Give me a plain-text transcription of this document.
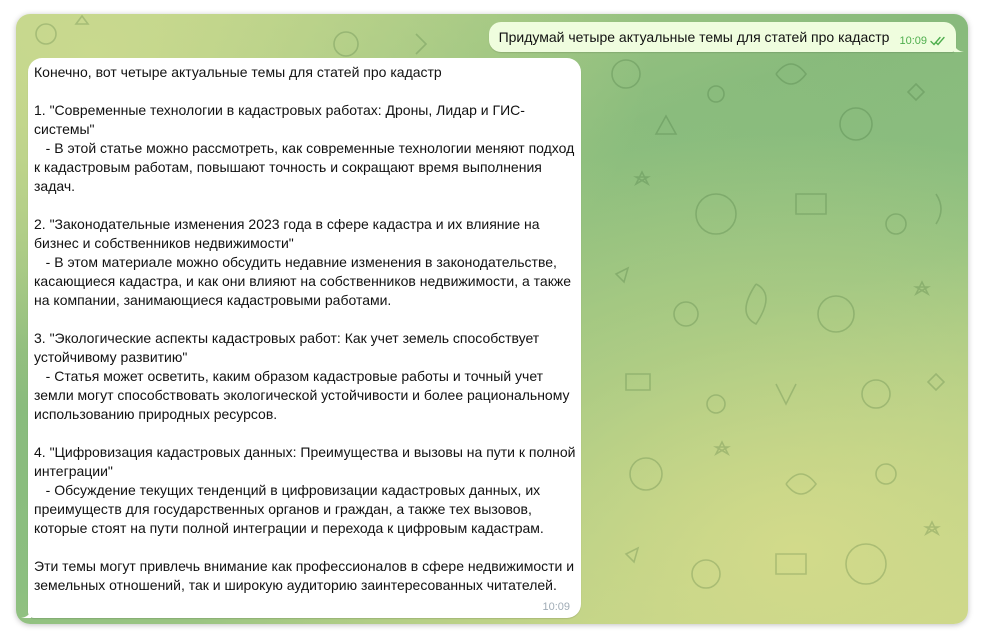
Придумай четыре актуальные темы для статей про кадастр 10:09

Конечно, вот четыре актуальные темы для статей про кадастр

1. "Современные технологии в кадастровых работах: Дроны, Лидар и ГИС-системы"
- В этой статье можно рассмотреть, как современные технологии меняют подход к кадастровым работам, повышают точность и сокращают время выполнения задач.

2. "Законодательные изменения 2023 года в сфере кадастра и их влияние на бизнес и собственников недвижимости"
- В этом материале можно обсудить недавние изменения в законодательстве, касающиеся кадастра, и как они влияют на собственников недвижимости, а также на компании, занимающиеся кадастровыми работами.

3. "Экологические аспекты кадастровых работ: Как учет земель способствует устойчивому развитию"
- Статья может осветить, каким образом кадастровые работы и точный учет земли могут способствовать экологической устойчивости и более рациональному использованию природных ресурсов.

4. "Цифровизация кадастровых данных: Преимущества и вызовы на пути к полной интеграции"
- Обсуждение текущих тенденций в цифровизации кадастровых данных, их преимуществ для государственных органов и граждан, а также тех вызовов, которые стоят на пути полной интеграции и перехода к цифровым кадастрам.

Эти темы могут привлечь внимание как профессионалов в сфере недвижимости и земельных отношений, так и широкую аудиторию заинтересованных читателей.

10:09
